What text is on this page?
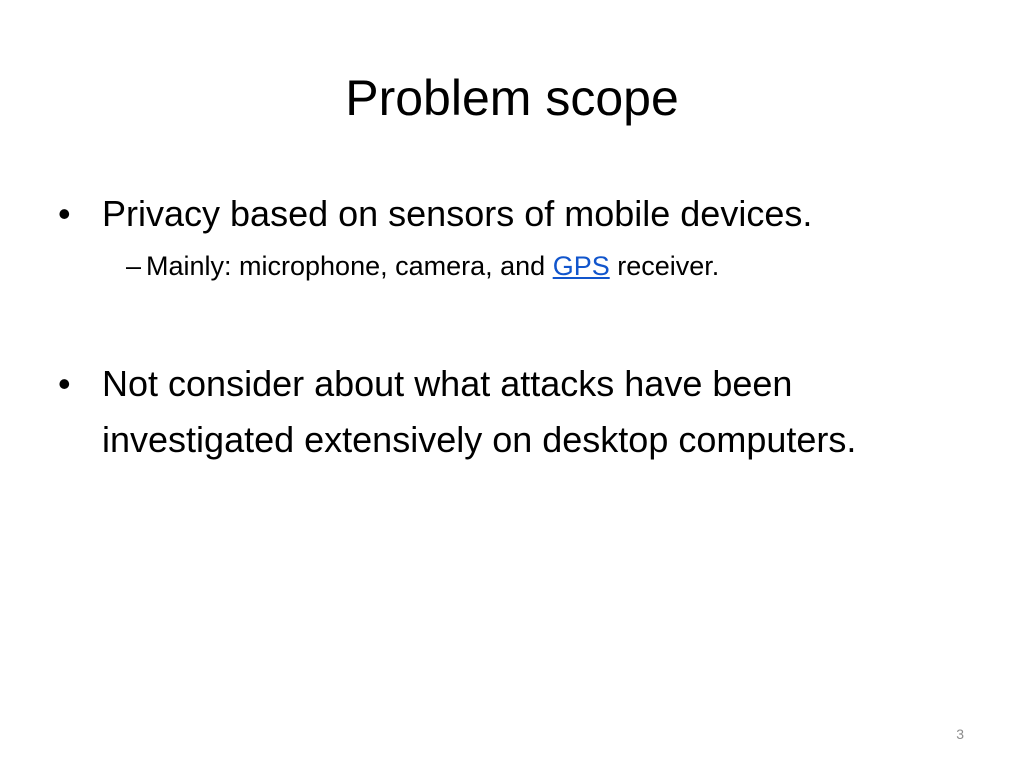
Problem scope
• Privacy based on sensors of mobile devices.
– Mainly: microphone, camera, and GPS receiver.
• Not consider about what attacks have been investigated extensively on desktop computers.
3
